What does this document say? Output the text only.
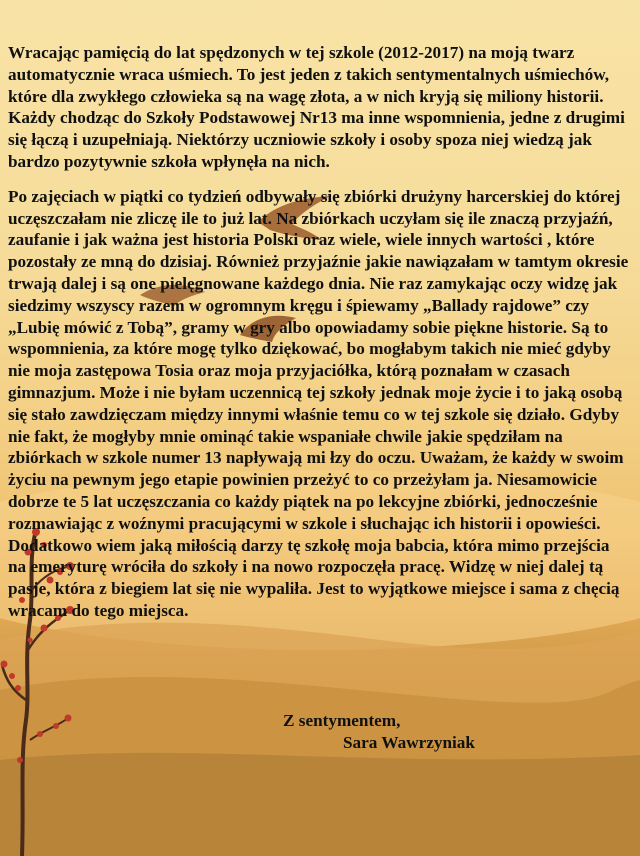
Wracając pamięcią do lat spędzonych w tej szkole (2012-2017) na moją twarz automatycznie wraca uśmiech. To jest jeden z takich sentymentalnych uśmiechów, które dla zwykłego człowieka są na wagę złota, a w nich kryją się miliony historii. Każdy chodząc do Szkoły Podstawowej Nr13 ma inne wspomnienia, jedne z drugimi się łączą i uzupełniają. Niektórzy uczniowie szkoły i osoby spoza niej wiedzą jak bardzo pozytywnie szkoła wpłynęła na nich.

Po zajęciach w piątki co tydzień odbywały się zbiórki drużyny harcerskiej do której uczęszczałam nie zliczę ile to już lat. Na zbiórkach uczyłam się ile znaczą przyjaźń, zaufanie i jak ważna jest historia Polski oraz wiele, wiele innych wartości , które pozostały ze mną do dzisiaj. Również przyjaźnie jakie nawiązałam w tamtym okresie trwają dalej i są one pielęgnowane każdego dnia. Nie raz zamykając oczy widzę jak siedzimy wszyscy razem w ogromnym kręgu i śpiewamy „Ballady rajdowe” czy „Lubię mówić z Tobą”, gramy w gry albo opowiadamy sobie piękne historie. Są to wspomnienia, za które mogę tylko dziękować, bo mogłabym takich nie mieć gdyby nie moja zastępowa Tosia oraz moja przyjaciółka, którą poznałam w czasach gimnazjum. Może i nie byłam uczennicą tej szkoły jednak moje życie i to jaką osobą się stało zawdzięczam między innymi właśnie temu co w tej szkole się działo. Gdyby nie fakt, że mogłyby mnie ominąć takie wspaniałe chwile jakie spędziłam na zbiórkach w szkole numer 13 napływają mi łzy do oczu. Uważam, że każdy w swoim życiu na pewnym jego etapie powinien przeżyć to co przeżyłam ja. Niesamowicie dobrze te 5 lat uczęszczania co każdy piątek na po lekcyjne zbiórki, jednocześnie rozmawiając z woźnymi pracującymi w szkole i słuchając ich historii i opowieści. Dodatkowo wiem jaką miłością darzy tę szkołę moja babcia, która mimo przejścia na emeryturę wróciła do szkoły i na nowo rozpoczęła pracę. Widzę w niej dalej tą pasje, która z biegiem lat się nie wypaliła. Jest to wyjątkowe miejsce i sama z chęcią wracam do tego miejsca.

Z sentymentem,
Sara Wawrzyniak
